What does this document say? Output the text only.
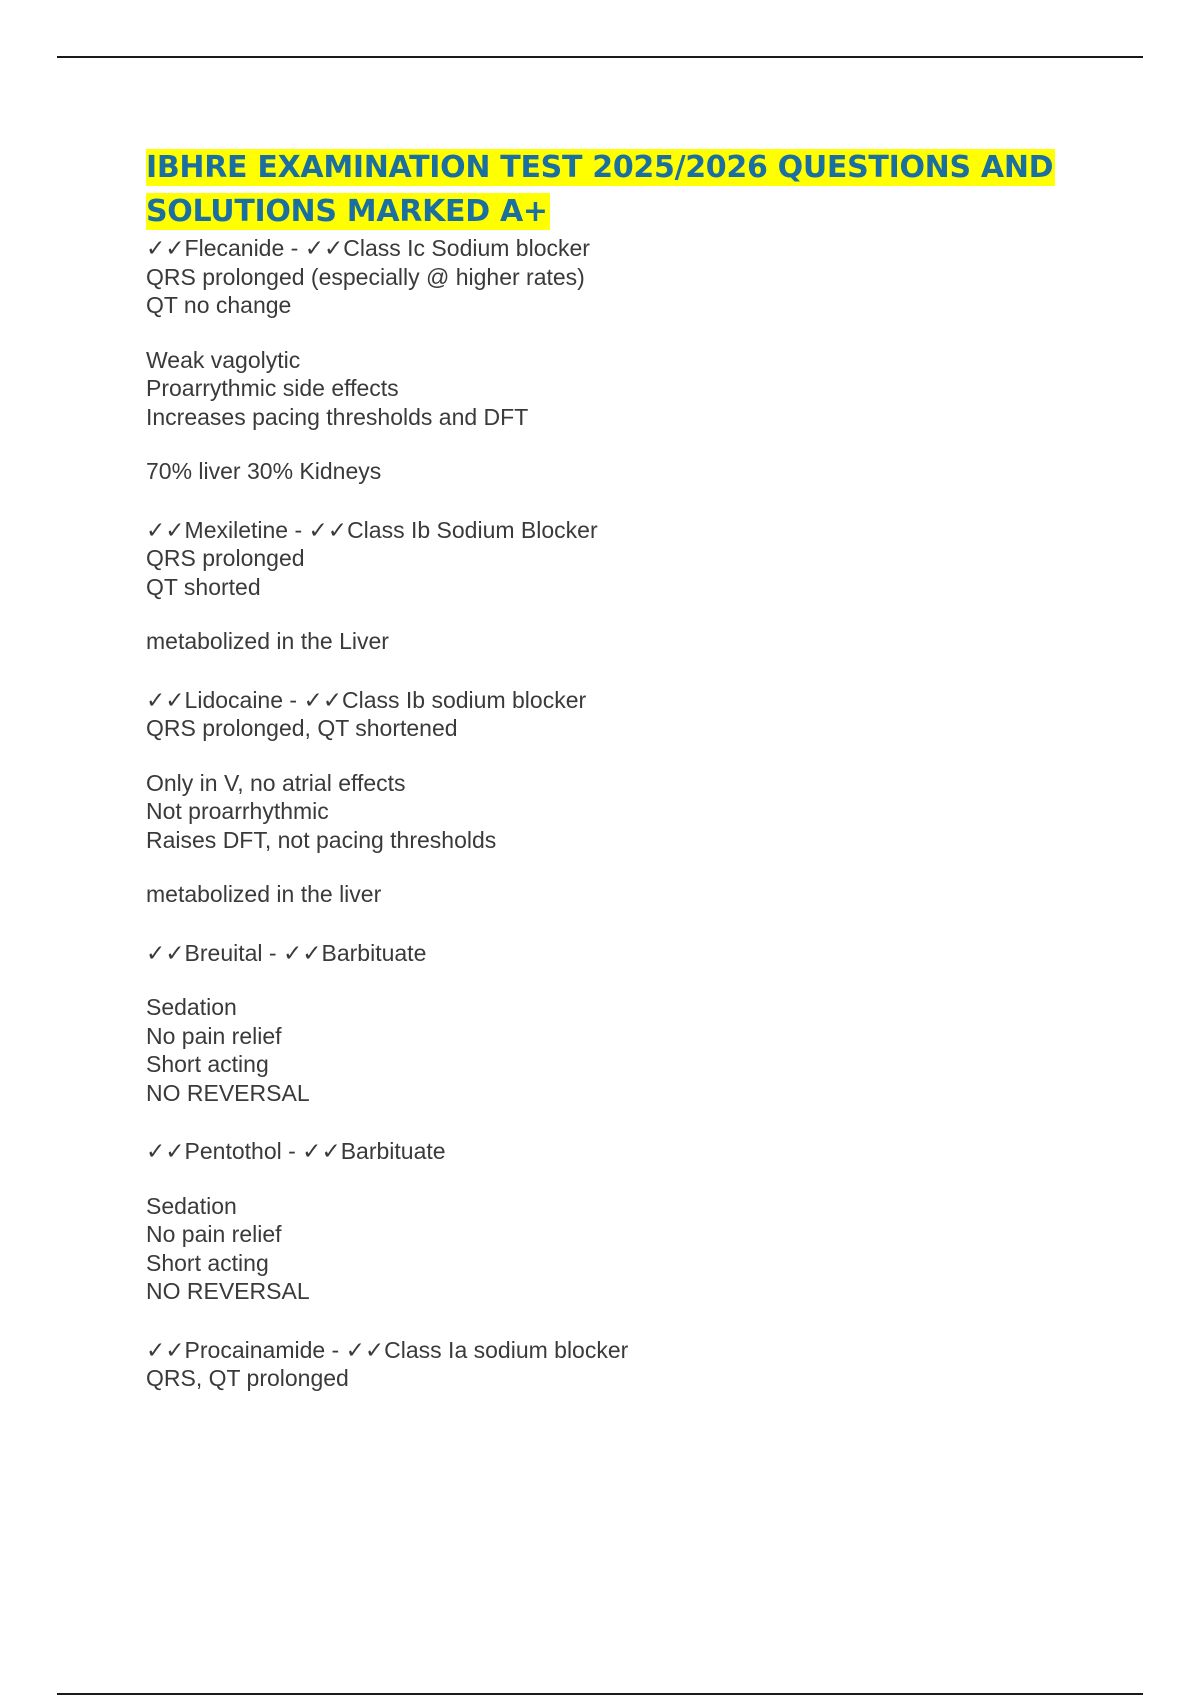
IBHRE EXAMINATION TEST 2025/2026 QUESTIONS AND SOLUTIONS MARKED A+

✓✓Flecanide - ✓✓Class Ic Sodium blocker

QRS prolonged (especially @ higher rates)
QT no change

Weak vagolytic
Proarrythmic side effects
Increases pacing thresholds and DFT

70% liver 30% Kidneys

✓✓Mexiletine - ✓✓Class Ib Sodium Blocker

QRS prolonged
QT shorted

metabolized in the Liver

✓✓Lidocaine - ✓✓Class Ib sodium blocker

QRS prolonged, QT shortened

Only in V, no atrial effects
Not proarrhythmic
Raises DFT, not pacing thresholds

metabolized in the liver

✓✓Breuital - ✓✓Barbituate

Sedation
No pain relief
Short acting
NO REVERSAL

✓✓Pentothol - ✓✓Barbituate

Sedation
No pain relief
Short acting
NO REVERSAL

✓✓Procainamide - ✓✓Class Ia sodium blocker

QRS, QT prolonged
